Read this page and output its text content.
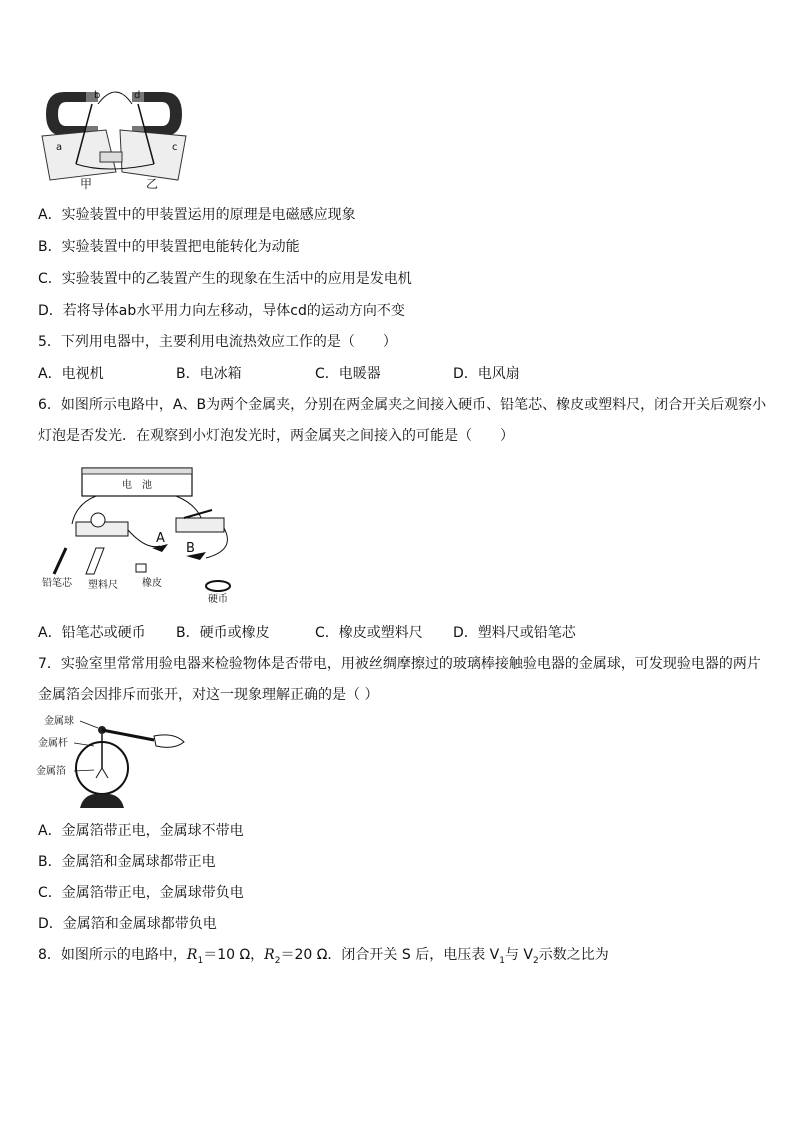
a
b
c
d
甲	乙
A．实验装置中的甲装置运用的原理是电磁感应现象
B．实验装置中的甲装置把电能转化为动能
C．实验装置中的乙装置产生的现象在生活中的应用是发电机
D．若将导体ab水平用力向左移动，导体cd的运动方向不变
5．下列用电器中，主要利用电流热效应工作的是（　　）
A．电视机	B．电冰箱	C．电暖器	D．电风扇
6．如图所示电路中，A、B为两个金属夹，分别在两金属夹之间接入硬币、铅笔芯、橡皮或塑料尺，闭合开关后观察小
灯泡是否发光．在观察到小灯泡发光时，两金属夹之间接入的可能是（　　）
电　池
A
B
铅笔芯 塑料尺 橡皮
硬币
A．铅笔芯或硬币 B．硬币或橡皮	C．橡皮或塑料尺 D．塑料尺或铅笔芯
7．实验室里常常用验电器来检验物体是否带电，用被丝绸摩擦过的玻璃棒接触验电器的金属球，可发现验电器的两片
金属箔会因排斥而张开，对这一现象理解正确的是（ ）
金属球
金属杆
金属箔
A．金属箔带正电，金属球不带电
B．金属箔和金属球都带正电
C．金属箔带正电，金属球带负电
D．金属箔和金属球都带负电
8．如图所示的电路中，$R_1=10$ Ω，$R_2=20$ Ω．闭合开关 S 后，电压表 $V_1$与 $V_2$示数之比为
